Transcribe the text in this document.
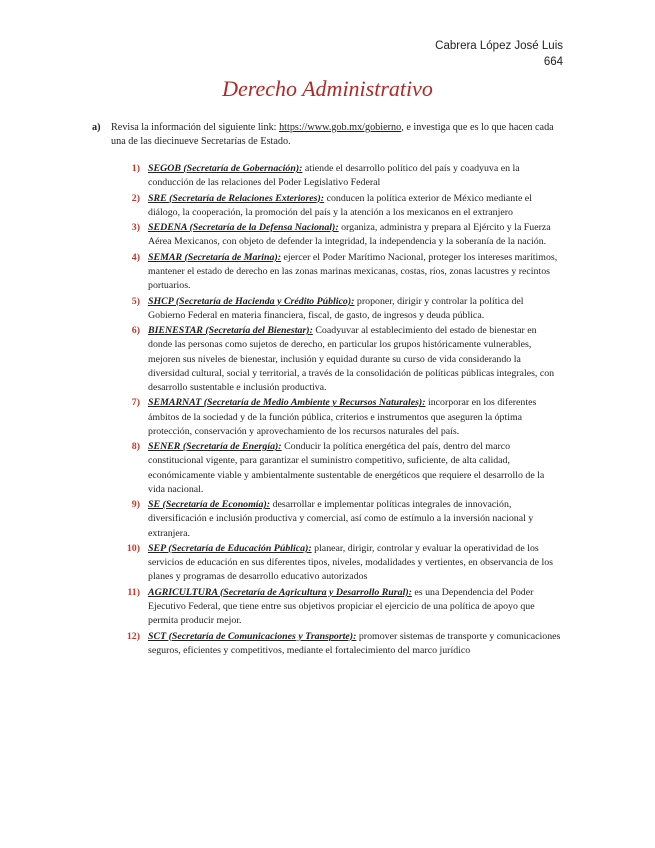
Cabrera López José Luis
664
Derecho Administrativo
a) Revisa la información del siguiente link: https://www.gob.mx/gobierno, e investiga que es lo que hacen cada una de las diecinueve Secretarías de Estado.
1) SEGOB (Secretaría de Gobernación): atiende el desarrollo político del país y coadyuva en la conducción de las relaciones del Poder Legislativo Federal
2) SRE (Secretaría de Relaciones Exteriores): conducen la política exterior de México mediante el diálogo, la cooperación, la promoción del país y la atención a los mexicanos en el extranjero
3) SEDENA (Secretaría de la Defensa Nacional): organiza, administra y prepara al Ejército y la Fuerza Aérea Mexicanos, con objeto de defender la integridad, la independencia y la soberanía de la nación.
4) SEMAR (Secretaría de Marina): ejercer el Poder Marítimo Nacional, proteger los intereses marítimos, mantener el estado de derecho en las zonas marinas mexicanas, costas, ríos, zonas lacustres y recintos portuarios.
5) SHCP (Secretaría de Hacienda y Crédito Público): proponer, dirigir y controlar la política del Gobierno Federal en materia financiera, fiscal, de gasto, de ingresos y deuda pública.
6) BIENESTAR (Secretaría del Bienestar): Coadyuvar al establecimiento del estado de bienestar en donde las personas como sujetos de derecho, en particular los grupos históricamente vulnerables, mejoren sus niveles de bienestar, inclusión y equidad durante su curso de vida considerando la diversidad cultural, social y territorial, a través de la consolidación de políticas públicas integrales, con desarrollo sustentable e inclusión productiva.
7) SEMARNAT (Secretaría de Medio Ambiente y Recursos Naturales): incorporar en los diferentes ámbitos de la sociedad y de la función pública, criterios e instrumentos que aseguren la óptima protección, conservación y aprovechamiento de los recursos naturales del país.
8) SENER (Secretaría de Energía): Conducir la política energética del país, dentro del marco constitucional vigente, para garantizar el suministro competitivo, suficiente, de alta calidad, económicamente viable y ambientalmente sustentable de energéticos que requiere el desarrollo de la vida nacional.
9) SE (Secretaría de Economía): desarrollar e implementar políticas integrales de innovación, diversificación e inclusión productiva y comercial, así como de estímulo a la inversión nacional y extranjera.
10) SEP (Secretaría de Educación Pública): planear, dirigir, controlar y evaluar la operatividad de los servicios de educación en sus diferentes tipos, niveles, modalidades y vertientes, en observancia de los planes y programas de desarrollo educativo autorizados
11) AGRICULTURA (Secretaría de Agricultura y Desarrollo Rural): es una Dependencia del Poder Ejecutivo Federal, que tiene entre sus objetivos propiciar el ejercicio de una política de apoyo que permita producir mejor.
12) SCT (Secretaría de Comunicaciones y Transporte): promover sistemas de transporte y comunicaciones seguros, eficientes y competitivos, mediante el fortalecimiento del marco jurídico
